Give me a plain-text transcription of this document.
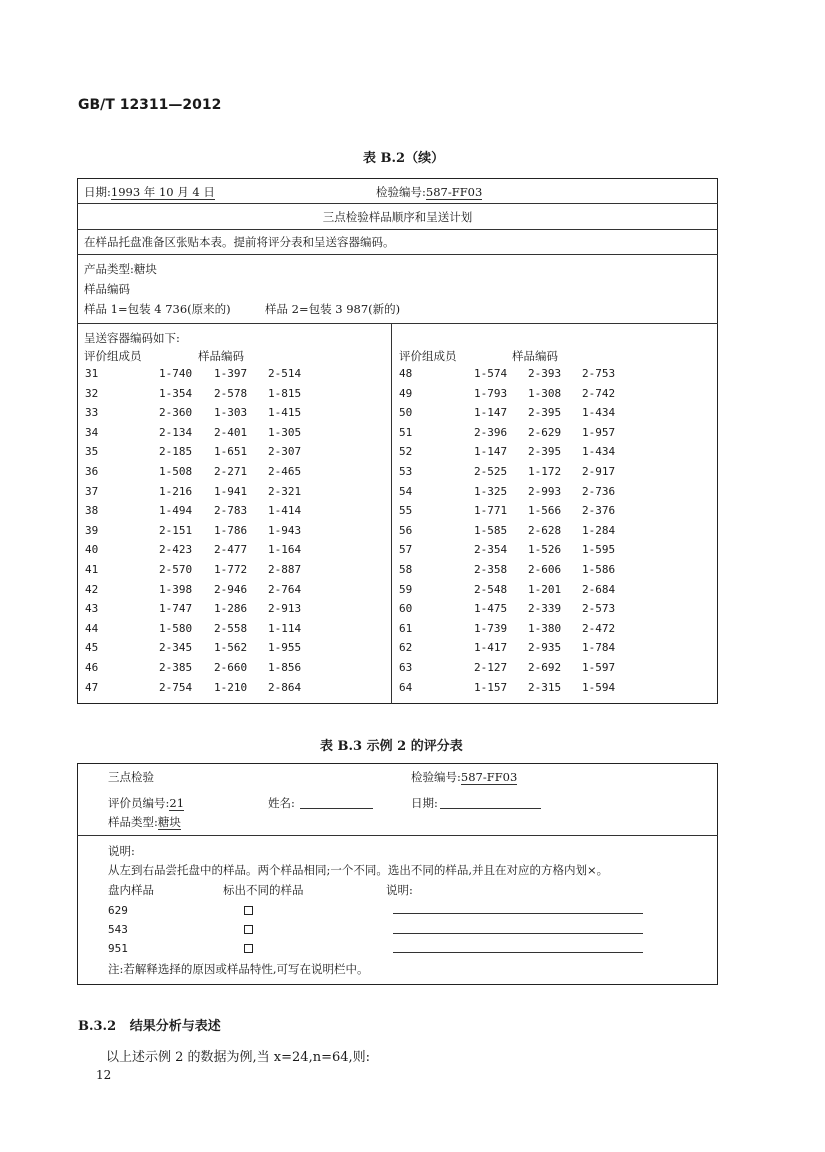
GB/T 12311—2012
表 B.2（续）
日期:1993 年 10 月 4 日	检验编号:587-FF03
三点检验样品顺序和呈送计划
在样品托盘准备区张贴本表。提前将评分表和呈送容器编码。
产品类型:糖块
样品编码
样品 1=包装 4 736(原来的)	样品 2=包装 3 987(新的)
呈送容器编码如下:
评价组成员	样品编码	评价组成员	样品编码
31	1-740 1-397 2-514
32	1-354 2-578 1-815
33	2-360 1-303 1-415
34	2-134 2-401 1-305
35	2-185 1-651 2-307
36	1-508 2-271 2-465
37	1-216 1-941 2-321
38	1-494 2-783 1-414
39	2-151 1-786 1-943
40	2-423 2-477 1-164
41	2-570 1-772 2-887
42	1-398 2-946 2-764
43	1-747 1-286 2-913
44	1-580 2-558 1-114
45	2-345 1-562 1-955
46	2-385 2-660 1-856
47	2-754 1-210 2-864
48	1-574 2-393 2-753
49	1-793 1-308 2-742
50	1-147 2-395 1-434
51	2-396 2-629 1-957
52	1-147 2-395 1-434
53	2-525 1-172 2-917
54	1-325 2-993 2-736
55	1-771 1-566 2-376
56	1-585 2-628 1-284
57	2-354 1-526 1-595
58	2-358 2-606 1-586
59	2-548 1-201 2-684
60	1-475 2-339 2-573
61	1-739 1-380 2-472
62	1-417 2-935 1-784
63	2-127 2-692 1-597
64	1-157 2-315 1-594
表 B.3 示例 2 的评分表
三点检验	检验编号:587-FF03
评价员编号:21	姓名:	日期:
样品类型:糖块
说明:
从左到右品尝托盘中的样品。两个样品相同;一个不同。选出不同的样品,并且在对应的方格内划×。
盘内样品	标出不同的样品	说明:
629
543
951
注:若解释选择的原因或样品特性,可写在说明栏中。
B.3.2 结果分析与表述
以上述示例 2 的数据为例,当 x=24,n=64,则:
12
